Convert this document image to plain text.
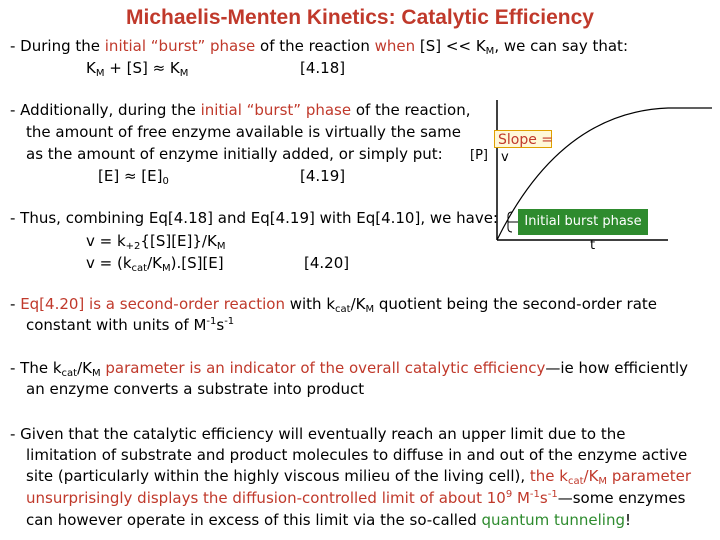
Michaelis-Menten Kinetics: Catalytic Efficiency
- During the initial “burst” phase of the reaction when $[S] << K_M$, we can say that:
$K_M + [S] \approx K_M$	[4.18]
- Additionally, during the initial “burst” phase of the reaction,
the amount of free enzyme available is virtually the same
as the amount of enzyme initially added, or simply put:
$[E] \approx [E]_0$	[4.19]
- Thus, combining Eq[4.18] and Eq[4.19] with Eq[4.10], we have:
$v = k_{+2}\{[S][E]\}/K_M$
$v = (k_{cat}/K_M).[S][E]$	[4.20]
Slope =
[P] v
Initial burst phase
t
- Eq[4.20] is a second-order reaction with $k_{cat}/K_M$ quotient being the second-order rate
constant with units of $M^{-1}s^{-1}$
- The $k_{cat}/K_M$ parameter is an indicator of the overall catalytic efficiency—ie how efficiently
an enzyme converts a substrate into product
- Given that the catalytic efficiency will eventually reach an upper limit due to the
limitation of substrate and product molecules to diffuse in and out of the enzyme active
site (particularly within the highly viscous milieu of the living cell), the $k_{cat}/K_M$ parameter
unsurprisingly displays the diffusion-controlled limit of about $10^9$ $M^{-1}s^{-1}—some$ enzymes
can however operate in excess of this limit via the so-called quantum tunneling!
